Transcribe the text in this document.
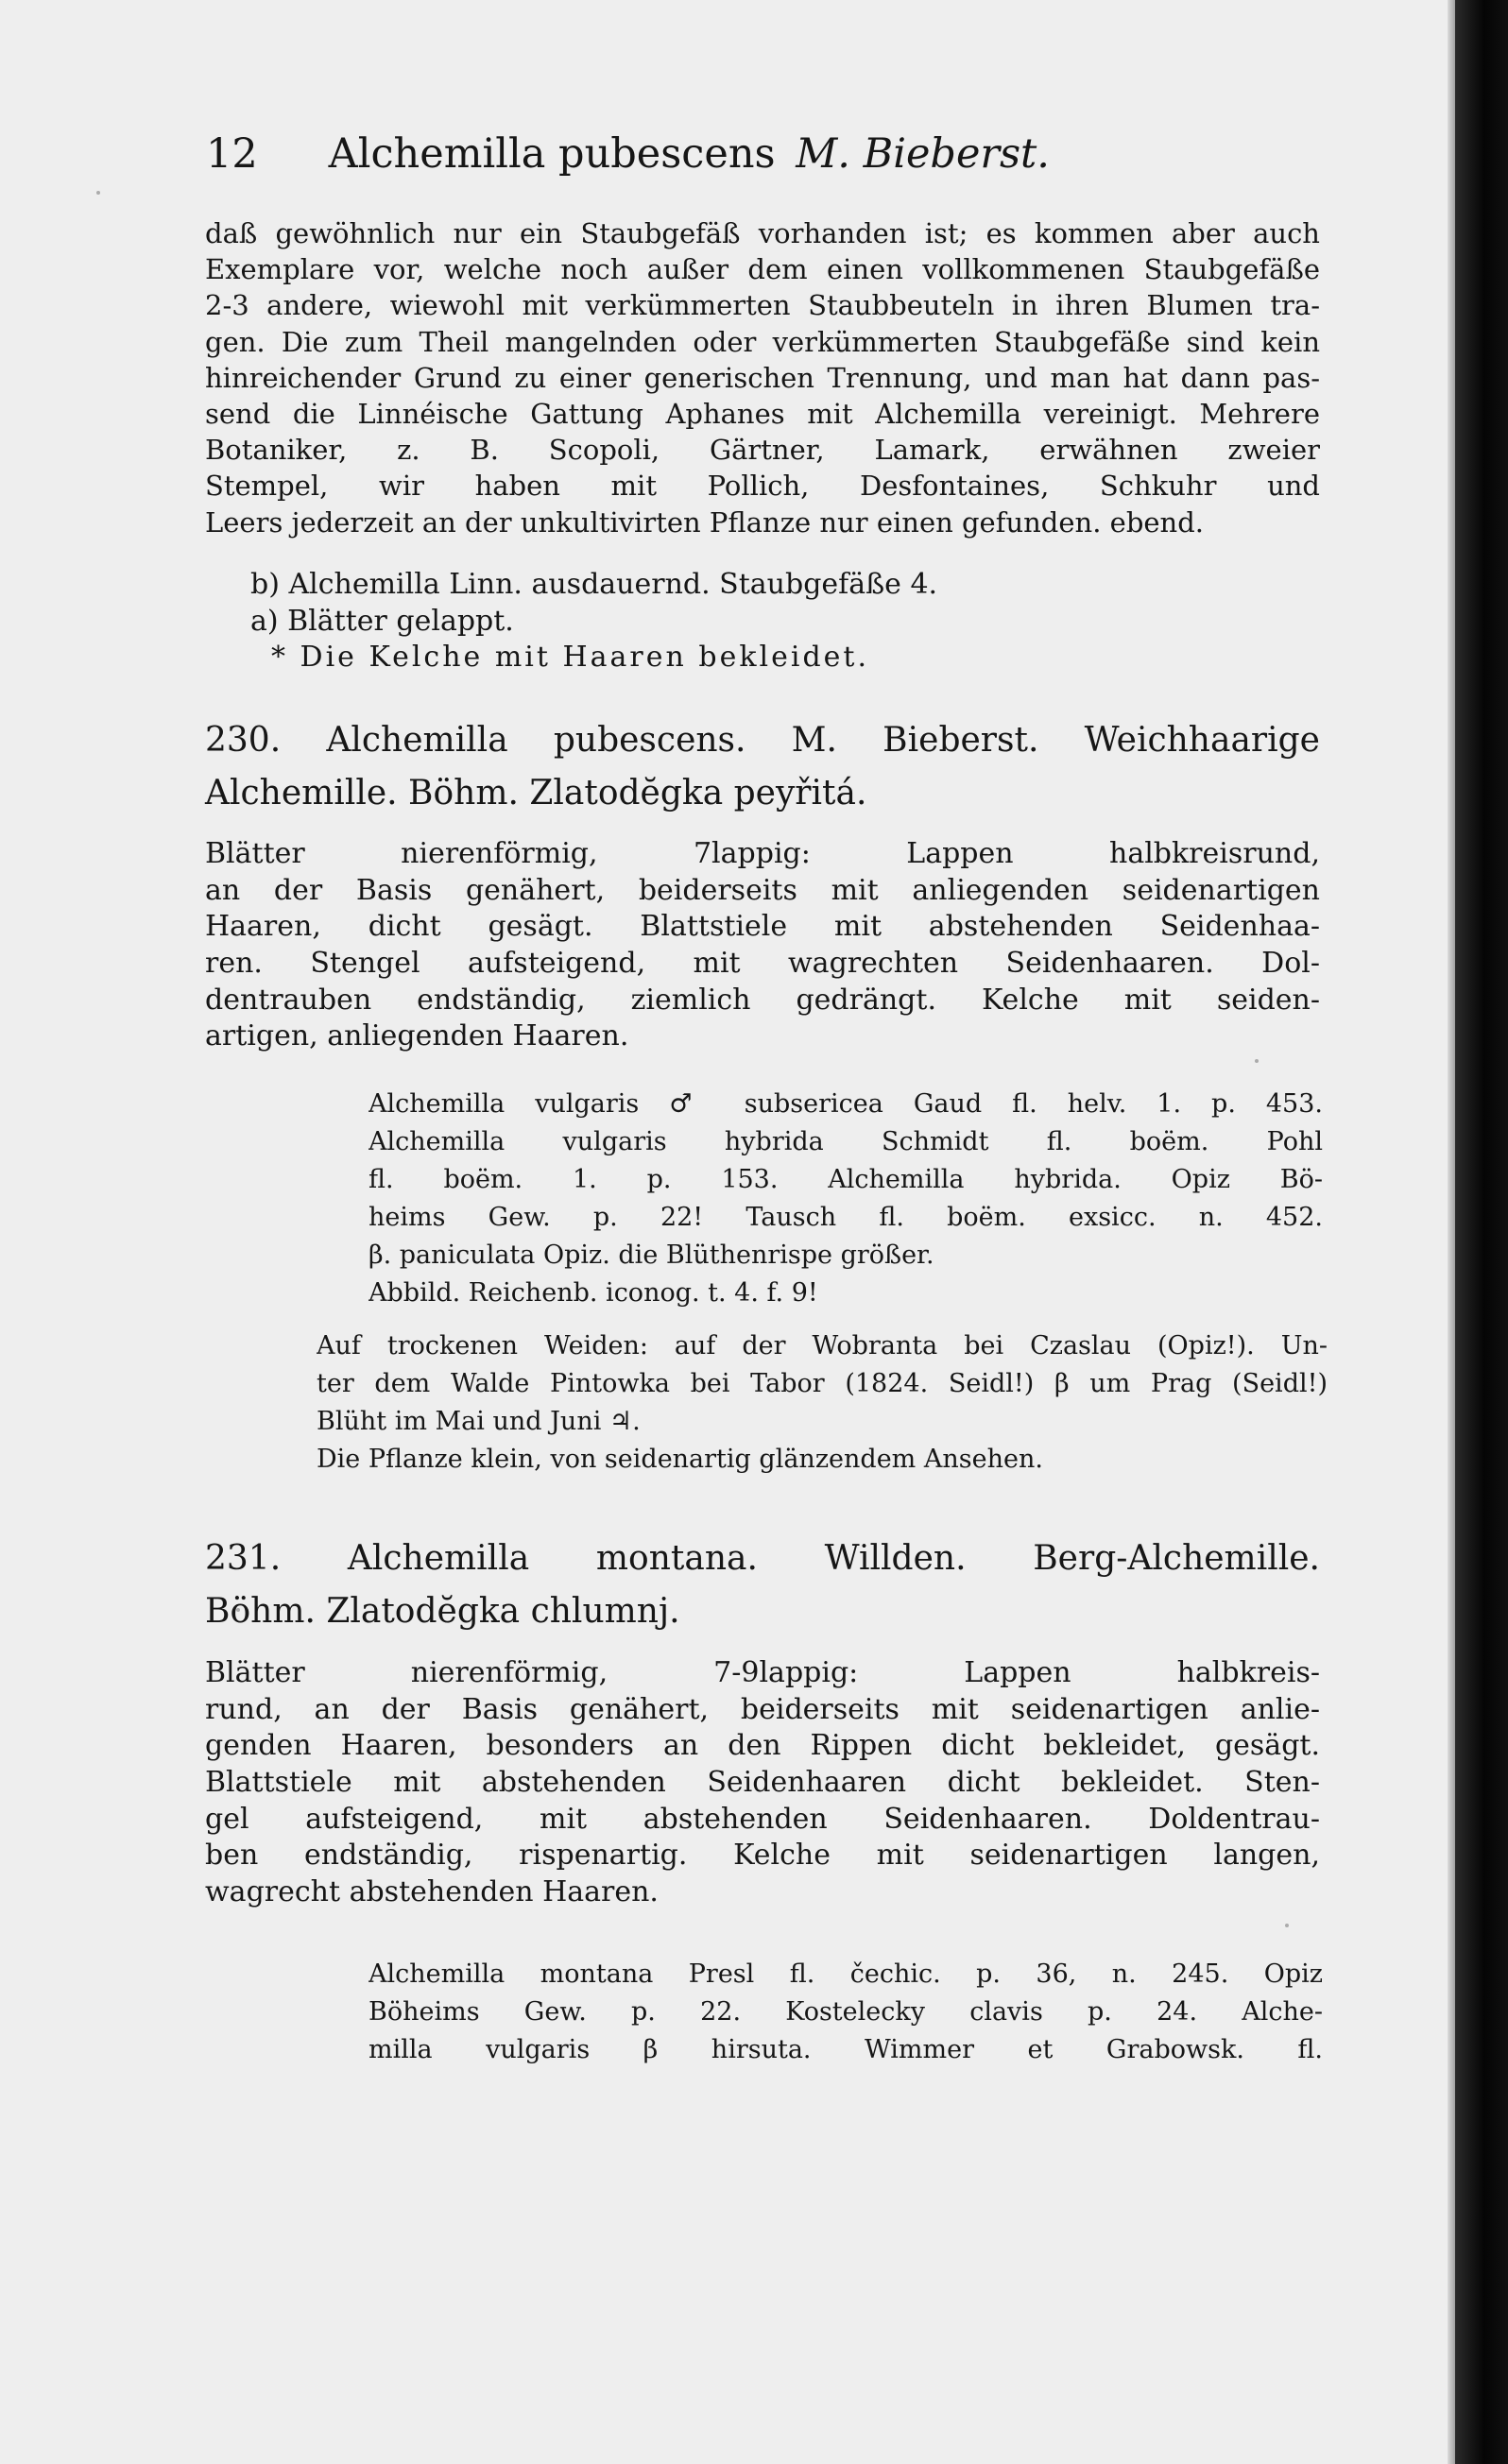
12 Alchemilla pubescens M. Bieberst.
daß gewöhnlich nur ein Staubgefäß vorhanden ist; es kommen aber auch
Exemplare vor, welche noch außer dem einen vollkommenen Staubgefäße
2-3 andere, wiewohl mit verkümmerten Staubbeuteln in ihren Blumen tra-
gen. Die zum Theil mangelnden oder verkümmerten Staubgefäße sind kein
hinreichender Grund zu einer generischen Trennung, und man hat dann pas-
send die Linnéische Gattung Aphanes mit Alchemilla vereinigt. Mehrere
Botaniker, z. B. Scopoli, Gärtner, Lamark, erwähnen zweier
Stempel, wir haben mit Pollich, Desfontaines, Schkuhr und
Leers jederzeit an der unkultivirten Pflanze nur einen gefunden. ebend.
b) Alchemilla Linn. ausdauernd. Staubgefäße 4.
a) Blätter gelappt.
* Die Kelche mit Haaren bekleidet.
230. Alchemilla pubescens. M. Bieberst. Weichhaarige
Alchemille. Böhm. Zlatodĕgka peyřitá.
Blätter nierenförmig, 7lappig: Lappen halbkreisrund,
an der Basis genähert, beiderseits mit anliegenden seidenartigen
Haaren, dicht gesägt. Blattstiele mit abstehenden Seidenhaa-
ren. Stengel aufsteigend, mit wagrechten Seidenhaaren. Dol-
dentrauben endständig, ziemlich gedrängt. Kelche mit seiden-
artigen, anliegenden Haaren.
Alchemilla vulgaris ♂ subsericea Gaud fl. helv. 1. p. 453.
Alchemilla vulgaris hybrida Schmidt fl. boëm. Pohl
fl. boëm. 1. p. 153. Alchemilla hybrida. Opiz Bö-
heims Gew. p. 22! Tausch fl. boëm. exsicc. n. 452.
β. paniculata Opiz. die Blüthenrispe größer.
Abbild. Reichenb. iconog. t. 4. f. 9!
Auf trockenen Weiden: auf der Wobranta bei Czaslau (Opiz!). Un-
ter dem Walde Pintowka bei Tabor (1824. Seidl!) β um Prag (Seidl!)
Blüht im Mai und Juni ♃.
Die Pflanze klein, von seidenartig glänzendem Ansehen.
231. Alchemilla montana. Willden. Berg-Alchemille.
Böhm. Zlatodĕgka chlumnj.
Blätter nierenförmig, 7-9lappig: Lappen halbkreis-
rund, an der Basis genähert, beiderseits mit seidenartigen anlie-
genden Haaren, besonders an den Rippen dicht bekleidet, gesägt.
Blattstiele mit abstehenden Seidenhaaren dicht bekleidet. Sten-
gel aufsteigend, mit abstehenden Seidenhaaren. Doldentrau-
ben endständig, rispenartig. Kelche mit seidenartigen langen,
wagrecht abstehenden Haaren.
Alchemilla montana Presl fl. čechic. p. 36, n. 245. Opiz
Böheims Gew. p. 22. Kostelecky clavis p. 24. Alche-
milla vulgaris β hirsuta. Wimmer et Grabowsk. fl.
